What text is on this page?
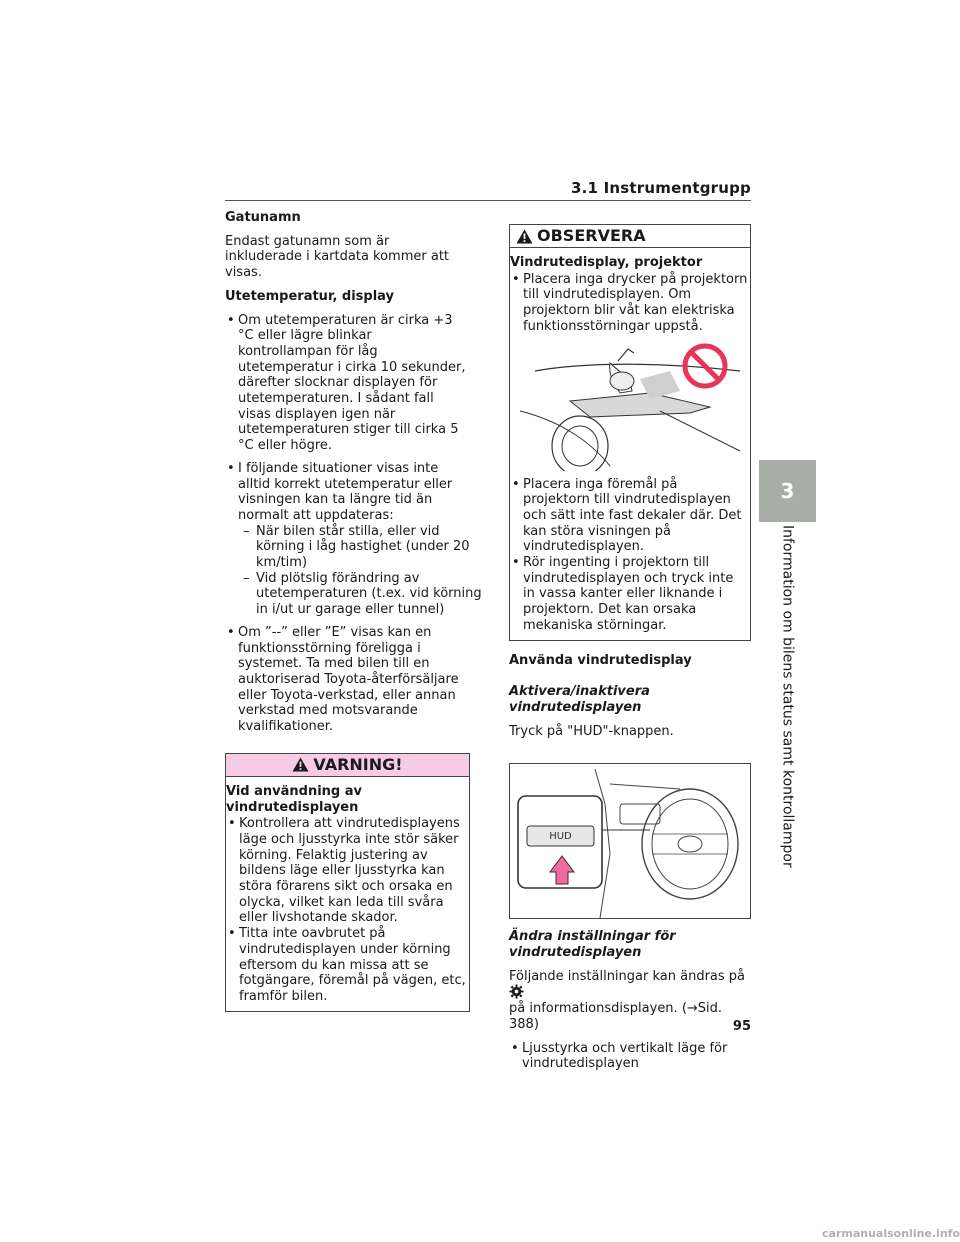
3.1 Instrumentgrupp
3
Information om bilens status samt kontrollampor
Gatunamn
Endast gatunamn som är inkluderade i kartdata kommer att visas.
Utetemperatur, display
• Om utetemperaturen är cirka +3 °C eller lägre blinkar kontrollampan för låg utetemperatur i cirka 10 sekunder, därefter slocknar displayen för utetemperaturen. I sådant fall visas displayen igen när utetemperaturen stiger till cirka 5 °C eller högre.
• I följande situationer visas inte alltid korrekt utetemperatur eller visningen kan ta längre tid än normalt att uppdateras:
– När bilen står stilla, eller vid körning i låg hastighet (under 20 km/tim)
– Vid plötslig förändring av utetemperaturen (t.ex. vid körning in i/ut ur garage eller tunnel)
• Om ”--” eller ”E” visas kan en funktionsstörning föreligga i systemet. Ta med bilen till en auktoriserad Toyota-återförsäljare eller Toyota-verkstad, eller annan verkstad med motsvarande kvalifikationer.
VARNING!
Vid användning av vindrutedisplayen
• Kontrollera att vindrutedisplayens läge och ljusstyrka inte stör säker körning. Felaktig justering av bildens läge eller ljusstyrka kan störa förarens sikt och orsaka en olycka, vilket kan leda till svåra eller livshotande skador.
• Titta inte oavbrutet på vindrutedisplayen under körning eftersom du kan missa att se fotgängare, föremål på vägen, etc, framför bilen.
OBSERVERA
Vindrutedisplay, projektor
• Placera inga drycker på projektorn till vindrutedisplayen. Om projektorn blir våt kan elektriska funktionsstörningar uppstå.
• Placera inga föremål på projektorn till vindrutedisplayen och sätt inte fast dekaler där. Det kan störa visningen på vindrutedisplayen.
• Rör ingenting i projektorn till vindrutedisplayen och tryck inte in vassa kanter eller liknande i projektorn. Det kan orsaka mekaniska störningar.
Använda vindrutedisplay
Aktivera/inaktivera vindrutedisplayen
Tryck på "HUD"-knappen.
HUD
Ändra inställningar för vindrutedisplayen
Följande inställningar kan ändras på
på informationsdisplayen. (→Sid. 388)
• Ljusstyrka och vertikalt läge för vindrutedisplayen
95
carmanualsonline.info
